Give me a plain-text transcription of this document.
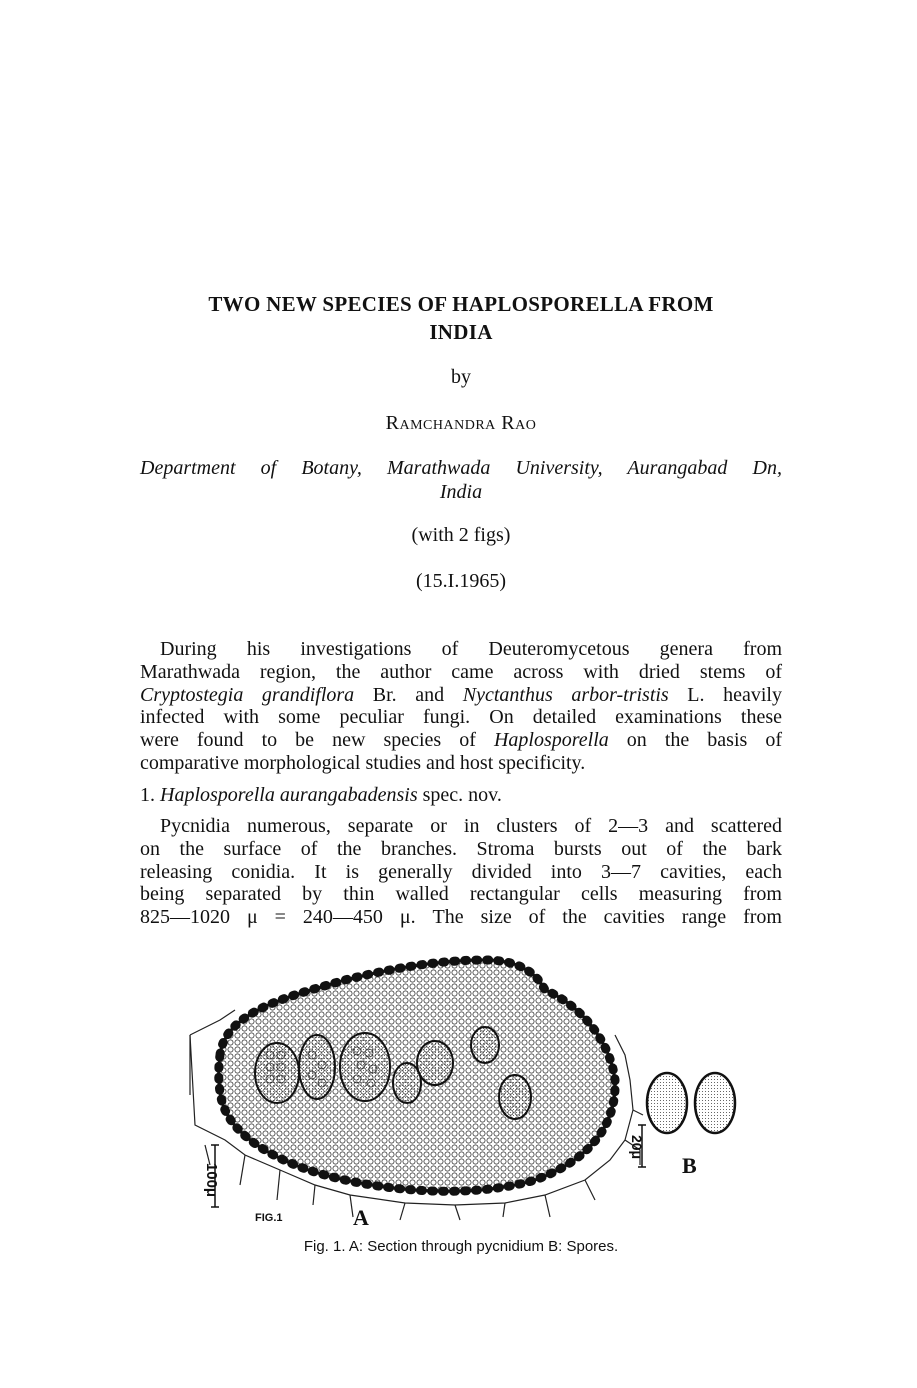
TWO NEW SPECIES OF HAPLOSPORELLA FROM
INDIA
by
Ramchandra Rao
Department of Botany, Marathwada University, Aurangabad Dn,
India
(with 2 figs)
(15.I.1965)
During his investigations of Deuteromycetous genera from
Marathwada region, the author came across with dried stems of
Cryptostegia grandiflora Br. and Nyctanthus arbor-tristis L. heavily
infected with some peculiar fungi. On detailed examinations these
were found to be new species of Haplosporella on the basis of
comparative morphological studies and host specificity.
1. Haplosporella aurangabadensis spec. nov.
Pycnidia numerous, separate or in clusters of 2—3 and scattered
on the surface of the branches. Stroma bursts out of the bark
releasing conidia. It is generally divided into 3—7 cavities, each
being separated by thin walled rectangular cells measuring from
825—1020 μ = 240—450 μ. The size of the cavities range from
100μ
20μ
FIG.1	A
B
Fig. 1. A: Section through pycnidium B: Spores.
